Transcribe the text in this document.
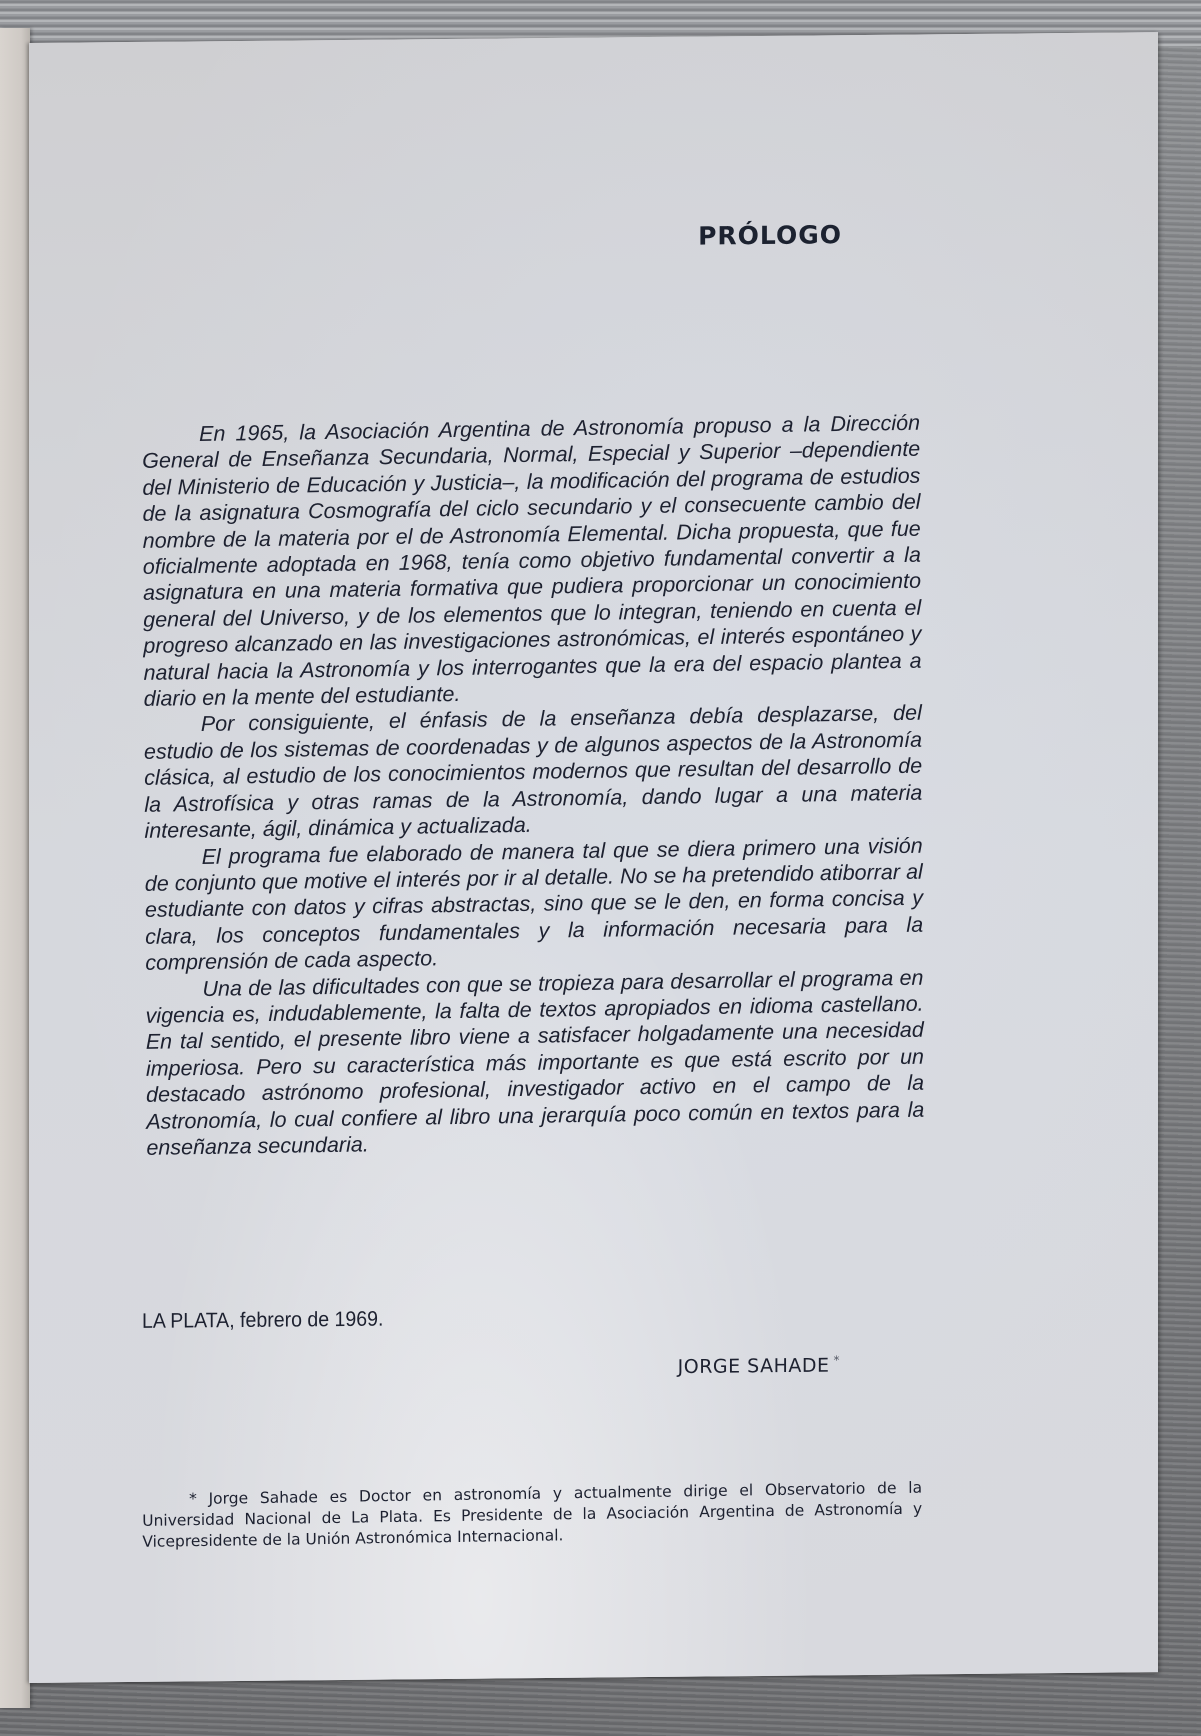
PRÓLOGO

En 1965, la Asociación Argentina de Astronomía propuso a la Dirección General de Enseñanza Secundaria, Normal, Especial y Superior –dependiente del Ministerio de Educación y Justicia–, la modificación del programa de estudios de la asignatura Cosmografía del ciclo secundario y el consecuente cambio del nombre de la materia por el de Astronomía Elemental. Dicha propuesta, que fue oficialmente adoptada en 1968, tenía como objetivo fundamental convertir a la asignatura en una materia formativa que pudiera proporcionar un conocimiento general del Universo, y de los elementos que lo integran, teniendo en cuenta el progreso alcanzado en las investigaciones astronómicas, el interés espontáneo y natural hacia la Astronomía y los interrogantes que la era del espacio plantea a diario en la mente del estudiante.

Por consiguiente, el énfasis de la enseñanza debía desplazarse, del estudio de los sistemas de coordenadas y de algunos aspectos de la Astronomía clásica, al estudio de los conocimientos modernos que resultan del desarrollo de la Astrofísica y otras ramas de la Astronomía, dando lugar a una materia interesante, ágil, dinámica y actualizada.

El programa fue elaborado de manera tal que se diera primero una visión de conjunto que motive el interés por ir al detalle. No se ha pretendido atiborrar al estudiante con datos y cifras abstractas, sino que se le den, en forma concisa y clara, los conceptos fundamentales y la información necesaria para la comprensión de cada aspecto.

Una de las dificultades con que se tropieza para desarrollar el programa en vigencia es, indudablemente, la falta de textos apropiados en idioma castellano. En tal sentido, el presente libro viene a satisfacer holgadamente una necesidad imperiosa. Pero su característica más importante es que está escrito por un destacado astrónomo profesional, investigador activo en el campo de la Astronomía, lo cual confiere al libro una jerarquía poco común en textos para la enseñanza secundaria.

LA PLATA, febrero de 1969.
JORGE SAHADE *

* Jorge Sahade es Doctor en astronomía y actualmente dirige el Observatorio de la Universidad Nacional de La Plata. Es Presidente de la Asociación Argentina de Astronomía y Vicepresidente de la Unión Astronómica Internacional.
